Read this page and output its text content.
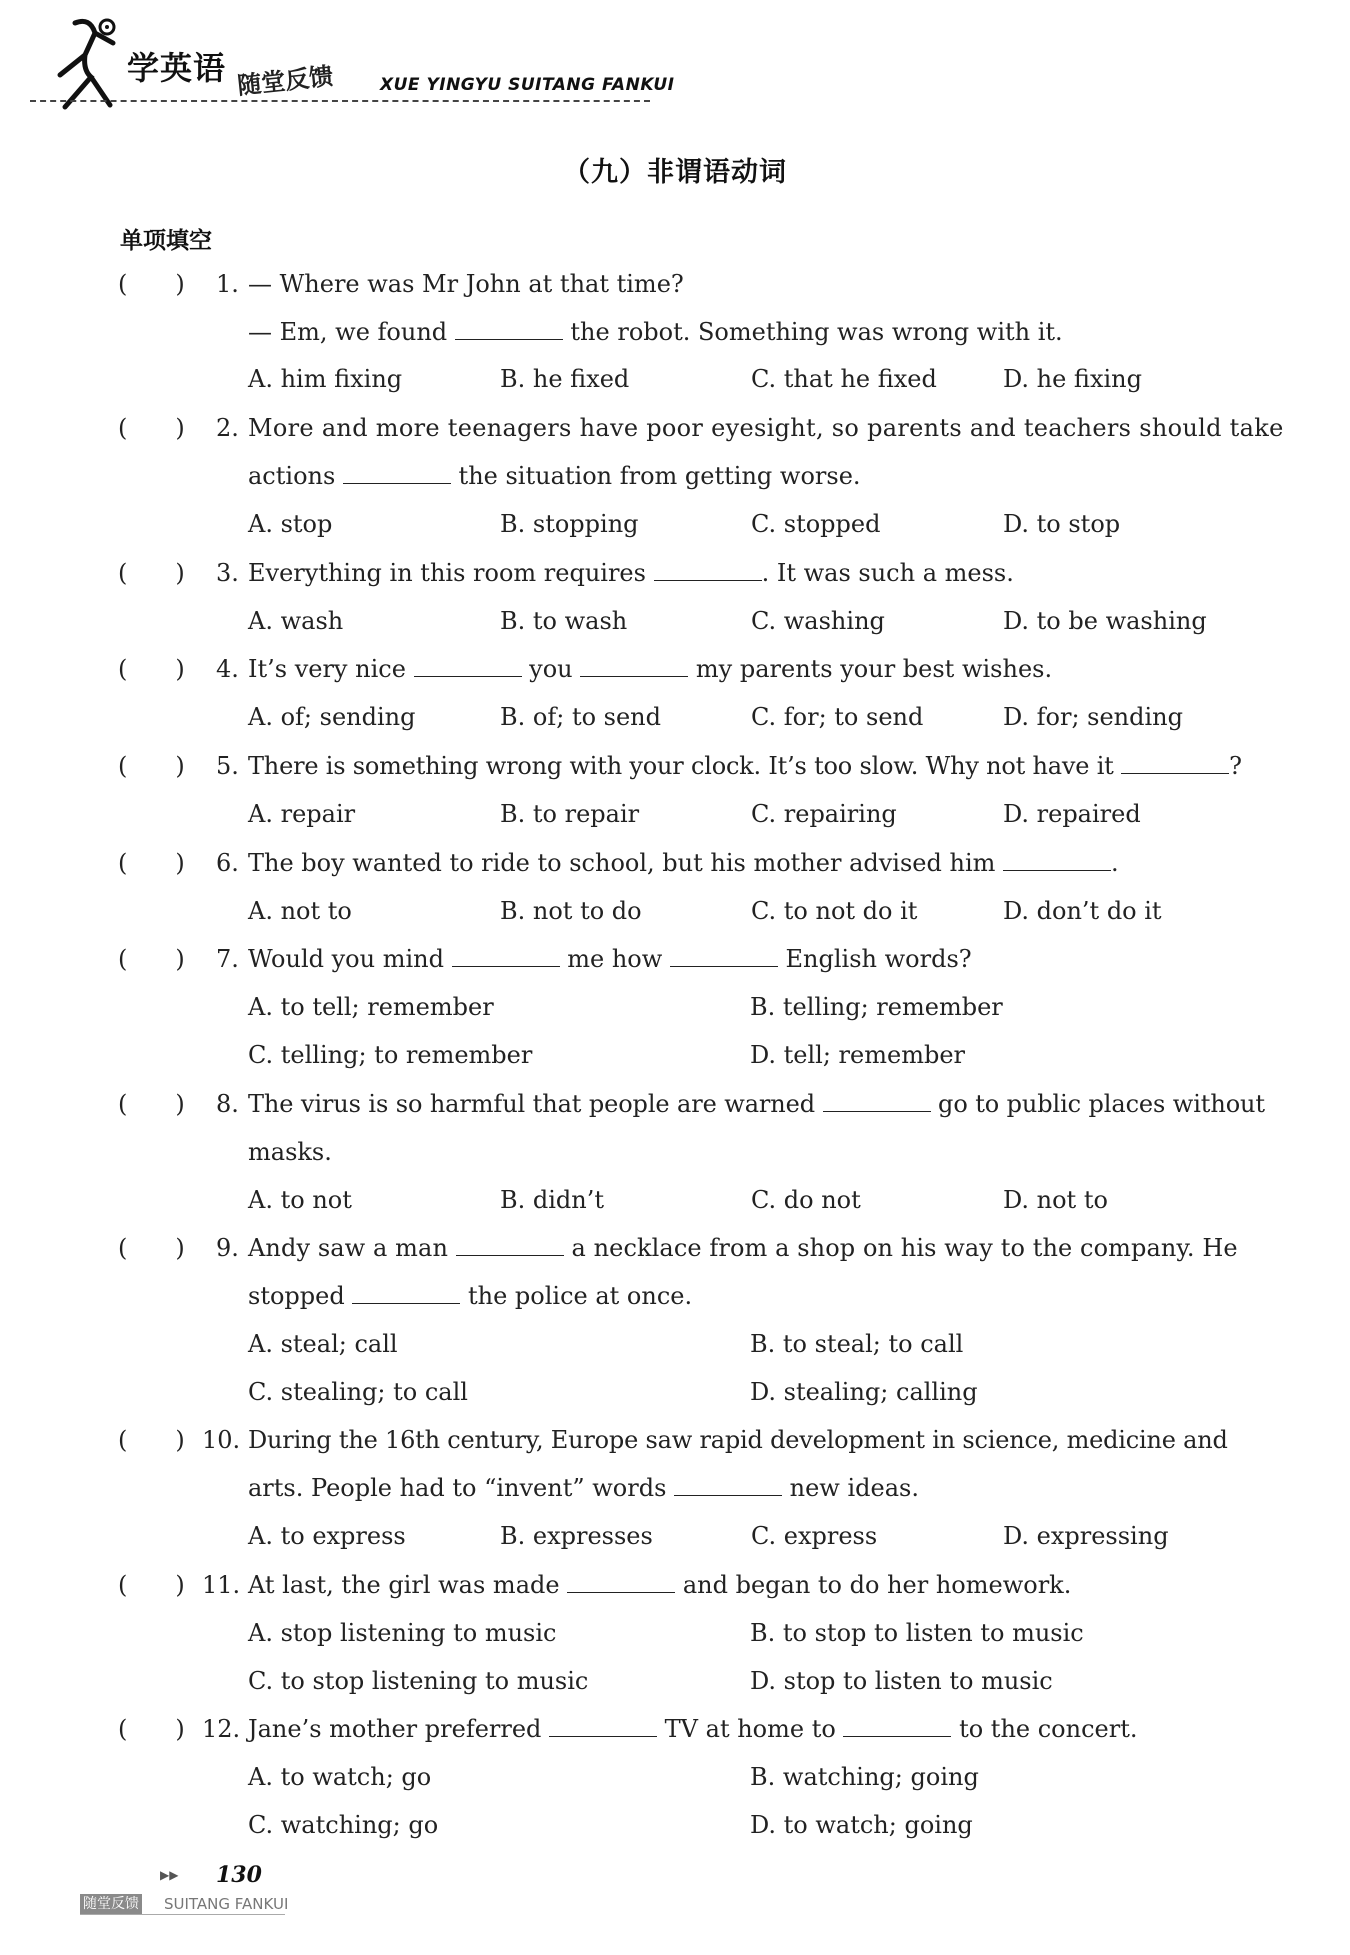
学英语 随堂反馈	XUE YINGYU SUITANG FANKUI
（九）非谓语动词
单项填空
(　　) 1. — Where was Mr John at that time?
— Em, we found	the robot. Something was wrong with it.
A. him fixing	B. he fixed	C. that he fixed	D. he fixing
(　　) 2. More and more teenagers have poor eyesight, so parents and teachers should take
actions	the situation from getting worse.
A. stop	B. stopping	C. stopped	D. to stop
(　　) 3. Everything in this room requires	. It was such a mess.
A. wash	B. to wash	C. washing	D. to be washing
(　　) 4. It’s very nice	you	my parents your best wishes.
A. of; sending	B. of; to send	C. for; to send	D. for; sending
(　　) 5. There is something wrong with your clock. It’s too slow. Why not have it	?
A. repair	B. to repair	C. repairing	D. repaired
(　　) 6. The boy wanted to ride to school, but his mother advised him	.
A. not to	B. not to do	C. to not do it	D. don’t do it
(　　) 7. Would you mind	me how	English words?
A. to tell; remember	B. telling; remember
C. telling; to remember	D. tell; remember
(　　) 8. The virus is so harmful that people are warned	go to public places without
masks.
A. to not	B. didn’t	C. do not	D. not to
(　　) 9. Andy saw a man	a necklace from a shop on his way to the company. He
stopped	the police at once.
A. steal; call	B. to steal; to call
C. stealing; to call	D. stealing; calling
(　　) 10. During the 16th century, Europe saw rapid development in science, medicine and
arts. People had to “invent” words	new ideas.
A. to express	B. expresses	C. express	D. expressing
(　　) 11. At last, the girl was made	and began to do her homework.
A. stop listening to music	B. to stop to listen to music
C. to stop listening to music	D. stop to listen to music
(　　) 12. Jane’s mother preferred	TV at home to	to the concert.
A. to watch; go	B. watching; going
C. watching; go	D. to watch; going
▶▶ 130
随堂反馈 SUITANG FANKUI
